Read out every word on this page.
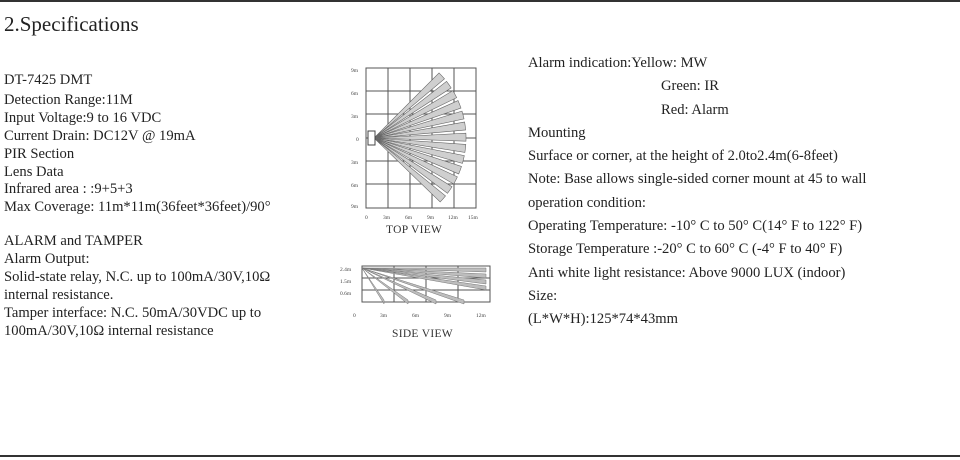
2.Specifications
DT-7425 DMT
Detection Range:11M
Input Voltage:9 to 16 VDC
Current Drain: DC12V @ 19mA
PIR Section
Lens Data
Infrared area : :9+5+3
Max Coverage: 11m*11m(36feet*36feet)/90°
ALARM and TAMPER
Alarm Output:
Solid-state relay, N.C. up to 100mA/30V,10Ω
internal resistance.
Tamper interface: N.C. 50mA/30VDC up to
100mA/30V,10Ω internal resistance
9m
6m
3m
0
3m
6m
9m
0	3m	6m	9m	12m 15m
TOP VIEW
2.4m
1.5m
0.6m
0	3m	6m	9m	12m
SIDE VIEW
Alarm indication:Yellow: MW
Green: IR
Red: Alarm
Mounting
Surface or corner, at the height of 2.0to2.4m(6-8feet)
Note: Base allows single-sided corner mount at 45 to wall
operation condition:
Operating Temperature: -10° C to 50° C(14° F to 122° F)
Storage Temperature :-20° C to 60° C (-4° F to 40° F)
Anti white light resistance: Above 9000 LUX (indoor)
Size:
(L*W*H):125*74*43mm
